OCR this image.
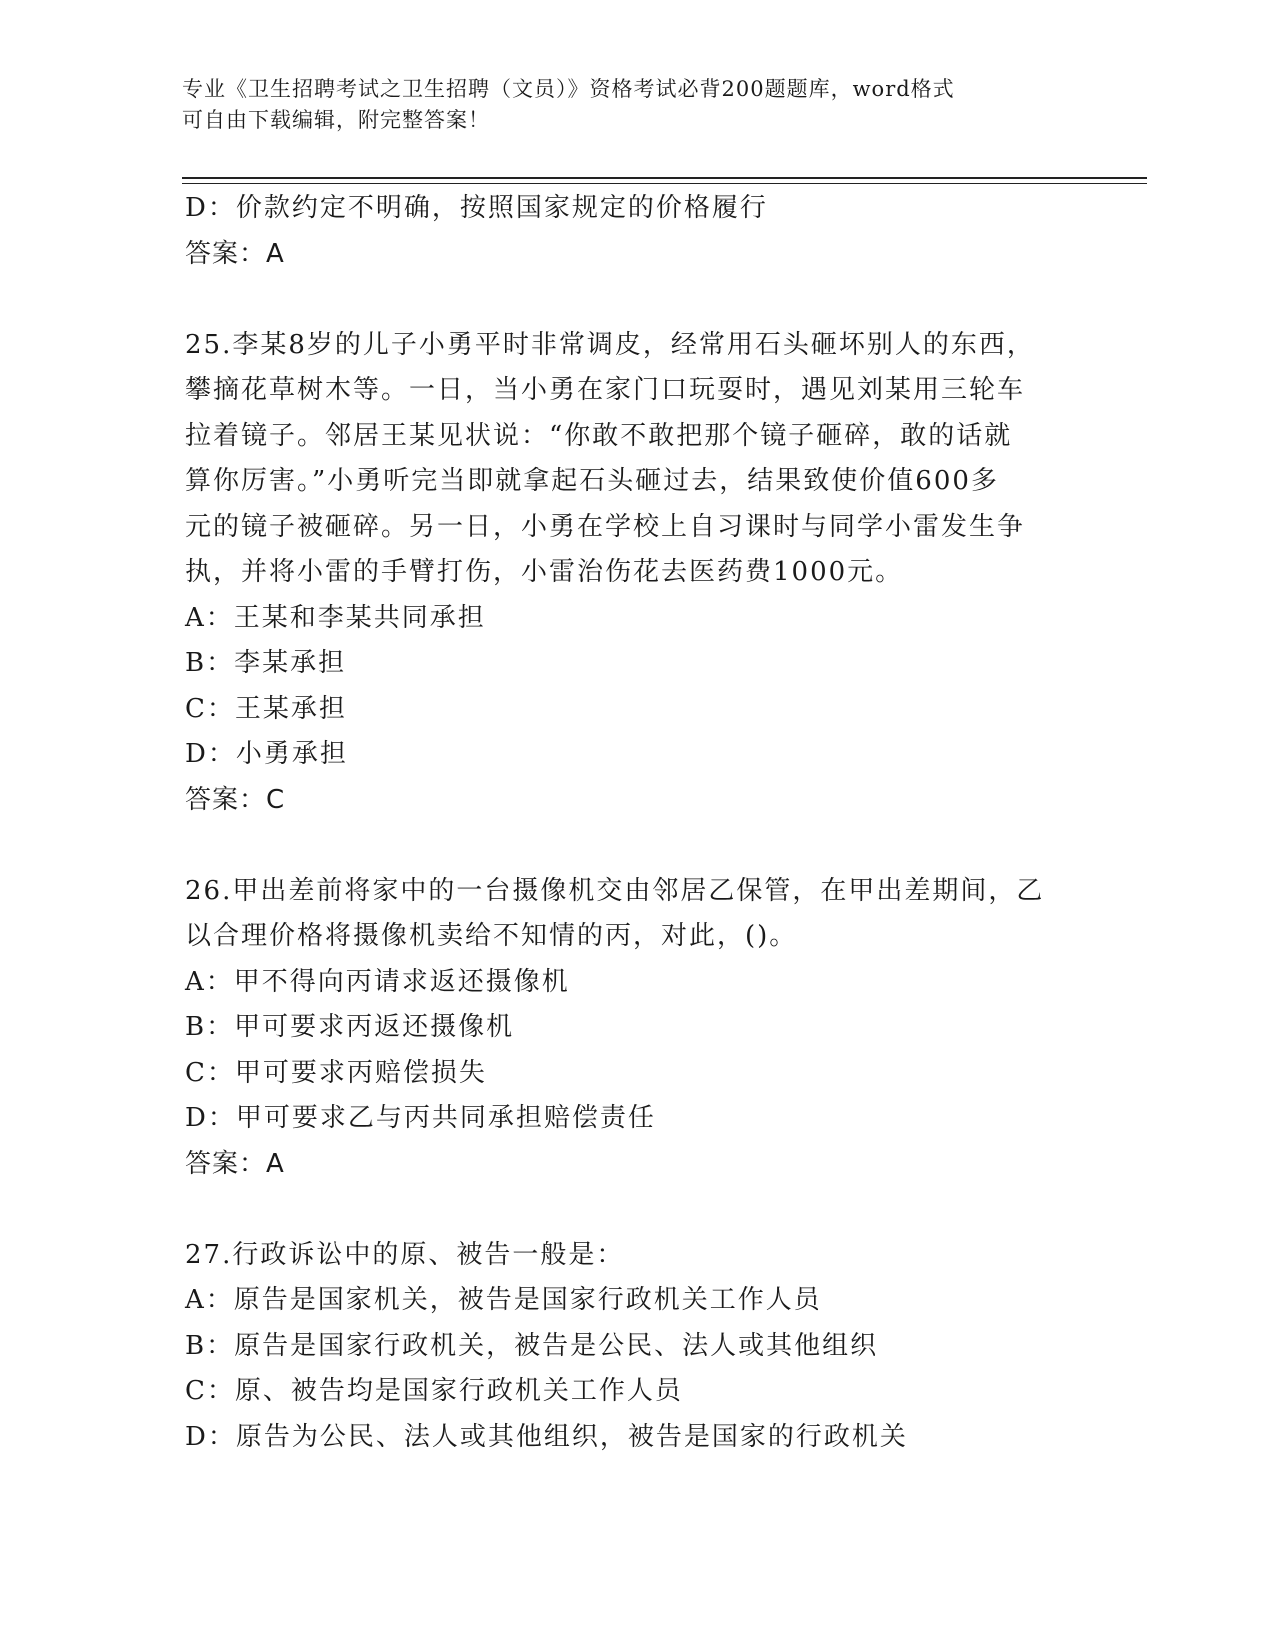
专业《卫生招聘考试之卫生招聘（文员）》资格考试必背200题题库，word格式
可自由下载编辑，附完整答案！
D：价款约定不明确，按照国家规定的价格履行
答案：A
25.李某8岁的儿子小勇平时非常调皮，经常用石头砸坏别人的东西，
攀摘花草树木等。一日，当小勇在家门口玩耍时，遇见刘某用三轮车
拉着镜子。邻居王某见状说：“你敢不敢把那个镜子砸碎，敢的话就
算你厉害。”小勇听完当即就拿起石头砸过去，结果致使价值600多
元的镜子被砸碎。另一日，小勇在学校上自习课时与同学小雷发生争
执，并将小雷的手臂打伤，小雷治伤花去医药费1000元。
A：王某和李某共同承担
B：李某承担
C：王某承担
D：小勇承担
答案：C
26.甲出差前将家中的一台摄像机交由邻居乙保管，在甲出差期间，乙
以合理价格将摄像机卖给不知情的丙，对此，()。
A：甲不得向丙请求返还摄像机
B：甲可要求丙返还摄像机
C：甲可要求丙赔偿损失
D：甲可要求乙与丙共同承担赔偿责任
答案：A
27.行政诉讼中的原、被告一般是：
A：原告是国家机关，被告是国家行政机关工作人员
B：原告是国家行政机关，被告是公民、法人或其他组织
C：原、被告均是国家行政机关工作人员
D：原告为公民、法人或其他组织，被告是国家的行政机关
